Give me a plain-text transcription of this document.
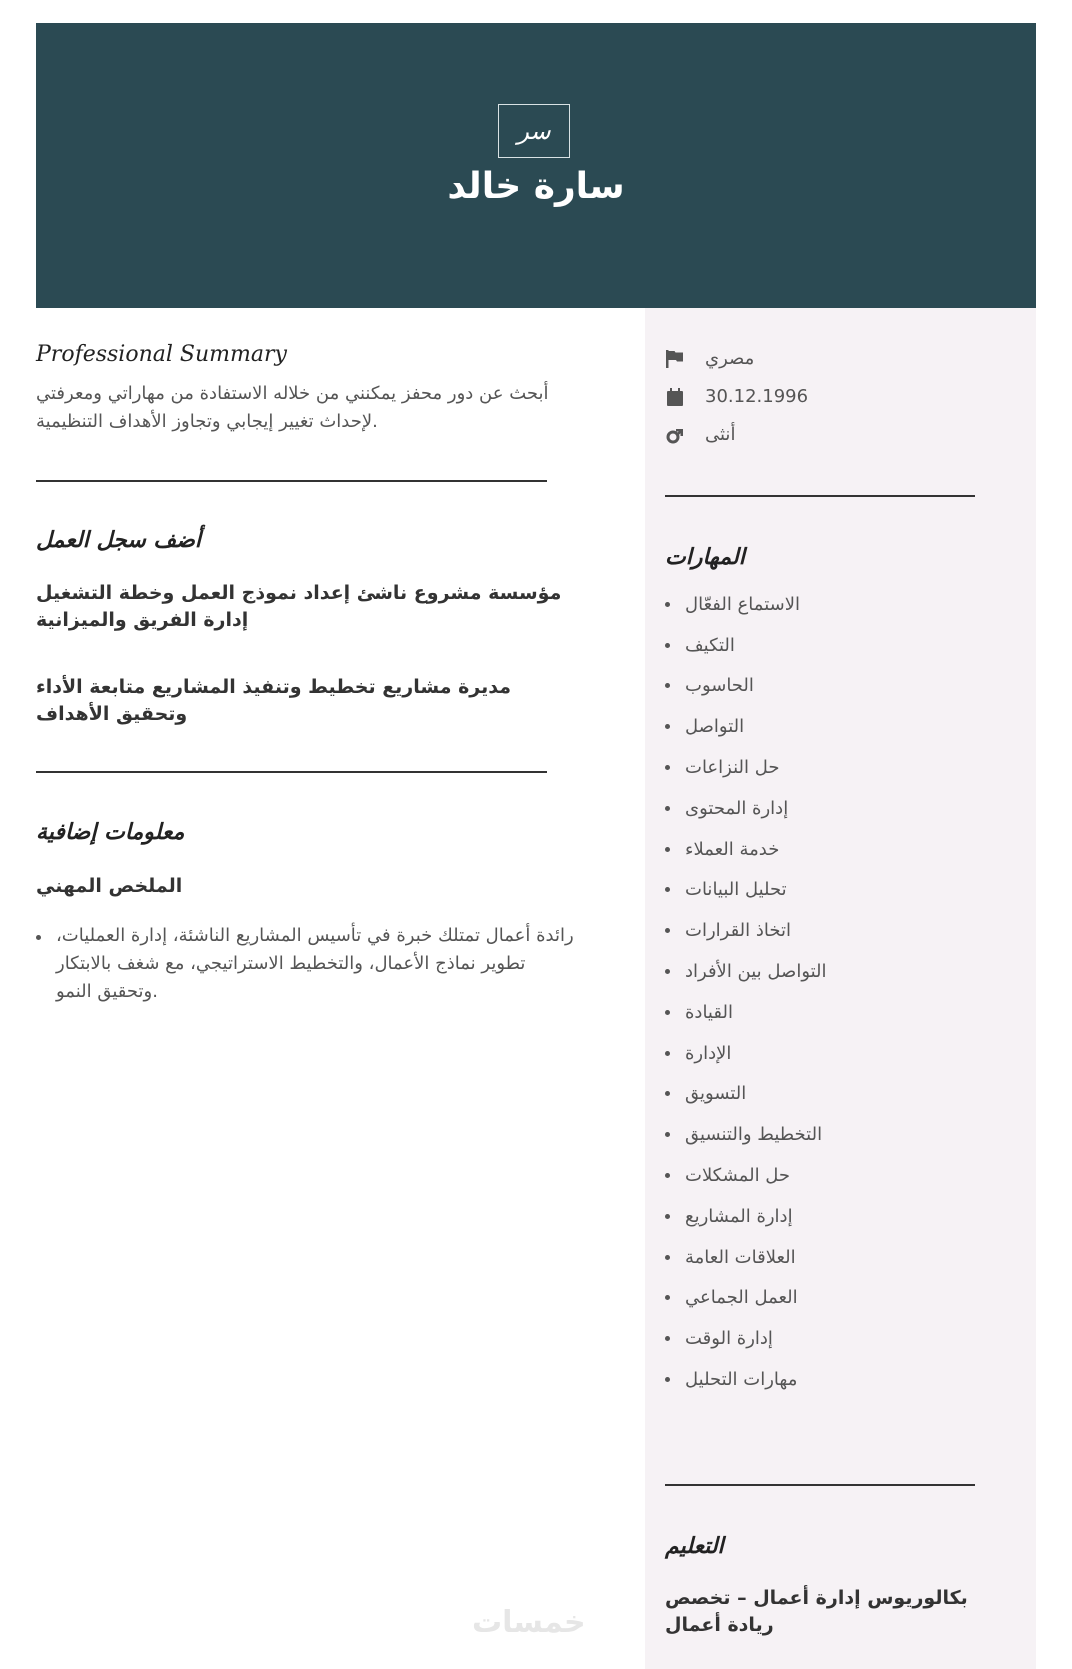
س‏ر
سارة خالد
Professional Summary
أبحث عن دور محفز يمكنني من خلاله الاستفادة من مهاراتي ومعرفتي لإحداث تغيير إيجابي وتجاوز الأهداف التنظيمية.
أضف سجل العمل
مؤسسة مشروع ناشئ إعداد نموذج العمل وخطة التشغيل إدارة الفريق والميزانية
مديرة مشاريع تخطيط وتنفيذ المشاريع متابعة الأداء وتحقيق الأهداف
معلومات إضافية
الملخص المهني
رائدة أعمال تمتلك خبرة في تأسيس المشاريع الناشئة، إدارة العمليات، تطوير نماذج الأعمال، والتخطيط الاستراتيجي، مع شغف بالابتكار وتحقيق النمو.
مصري
30.12.1996
أنثى
المهارات
الاستماع الفعّال
التكيف
الحاسوب
التواصل
حل النزاعات
إدارة المحتوى
خدمة العملاء
تحليل البيانات
اتخاذ القرارات
التواصل بين الأفراد
القيادة
الإدارة
التسويق
التخطيط والتنسيق
حل المشكلات
إدارة المشاريع
العلاقات العامة
العمل الجماعي
إدارة الوقت
مهارات التحليل
التعليم
بكالوريوس إدارة أعمال – تخصص ريادة أعمال
خمسات
